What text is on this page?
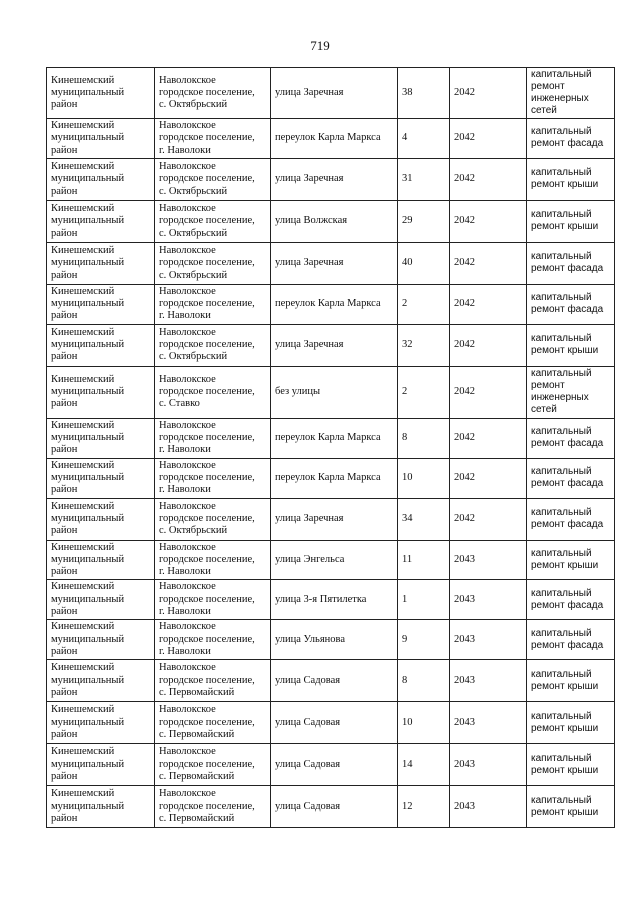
719
Кинешемский
муниципальный
район	Наволокское
городское поселение,
с. Октябрьский	улица Заречная	38	2042	капитальный
ремонт
инженерных
сетей
Кинешемский
муниципальный
район	Наволокское
городское поселение,
г. Наволоки	переулок Карла Маркса	4	2042	капитальный
ремонт фасада
Кинешемский
муниципальный
район	Наволокское
городское поселение,
с. Октябрьский	улица Заречная	31	2042	капитальный
ремонт крыши
Кинешемский
муниципальный
район	Наволокское
городское поселение,
с. Октябрьский	улица Волжская	29	2042	капитальный
ремонт крыши
Кинешемский
муниципальный
район	Наволокское
городское поселение,
с. Октябрьский	улица Заречная	40	2042	капитальный
ремонт фасада
Кинешемский
муниципальный
район	Наволокское
городское поселение,
г. Наволоки	переулок Карла Маркса	2	2042	капитальный
ремонт фасада
Кинешемский
муниципальный
район	Наволокское
городское поселение,
с. Октябрьский	улица Заречная	32	2042	капитальный
ремонт крыши
Кинешемский
муниципальный
район	Наволокское
городское поселение,
с. Ставко	без улицы	2	2042	капитальный
ремонт
инженерных
сетей
Кинешемский
муниципальный
район	Наволокское
городское поселение,
г. Наволоки	переулок Карла Маркса	8	2042	капитальный
ремонт фасада
Кинешемский
муниципальный
район	Наволокское
городское поселение,
г. Наволоки	переулок Карла Маркса	10	2042	капитальный
ремонт фасада
Кинешемский
муниципальный
район	Наволокское
городское поселение,
с. Октябрьский	улица Заречная	34	2042	капитальный
ремонт фасада
Кинешемский
муниципальный
район	Наволокское
городское поселение,
г. Наволоки	улица Энгельса	11	2043	капитальный
ремонт крыши
Кинешемский
муниципальный
район	Наволокское
городское поселение,
г. Наволоки	улица 3-я Пятилетка	1	2043	капитальный
ремонт фасада
Кинешемский
муниципальный
район	Наволокское
городское поселение,
г. Наволоки	улица Ульянова	9	2043	капитальный
ремонт фасада
Кинешемский
муниципальный
район	Наволокское
городское поселение,
с. Первомайский	улица Садовая	8	2043	капитальный
ремонт крыши
Кинешемский
муниципальный
район	Наволокское
городское поселение,
с. Первомайский	улица Садовая	10	2043	капитальный
ремонт крыши
Кинешемский
муниципальный
район	Наволокское
городское поселение,
с. Первомайский	улица Садовая	14	2043	капитальный
ремонт крыши
Кинешемский
муниципальный
район	Наволокское
городское поселение,
с. Первомайский	улица Садовая	12	2043	капитальный
ремонт крыши
